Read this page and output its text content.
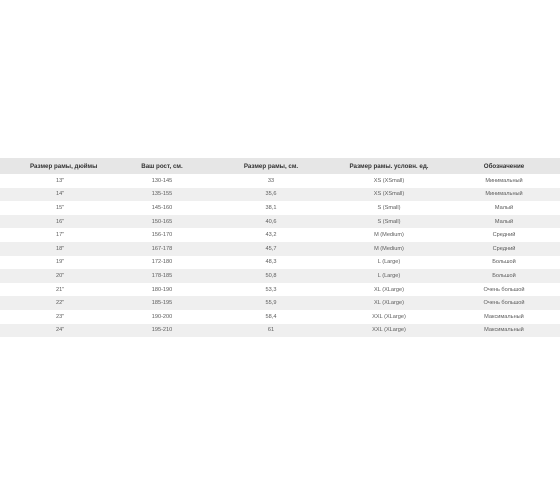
Размер рамы, дюймы	Ваш рост, см.	Размер рамы, см.	Размер рамы. условн. ед.	Обозначение
13"	130-145	33	XS (XSmall)	Минимальный
14"	135-155	35,6	XS (XSmall)	Минимальный
15"	145-160	38,1	S (Small)	Малый
16"	150-165	40,6	S (Small)	Малый
17"	156-170	43,2	M (Medium)	Средний
18"	167-178	45,7	M (Medium)	Средний
19"	172-180	48,3	L (Large)	Большой
20"	178-185	50,8	L (Large)	Большой
21"	180-190	53,3	XL (XLarge)	Очень большой
22"	185-195	55,9	XL (XLarge)	Очень большой
23"	190-200	58,4	XXL (XLarge)	Максимальный
24"	195-210	61	XXL (XLarge)	Максимальный
